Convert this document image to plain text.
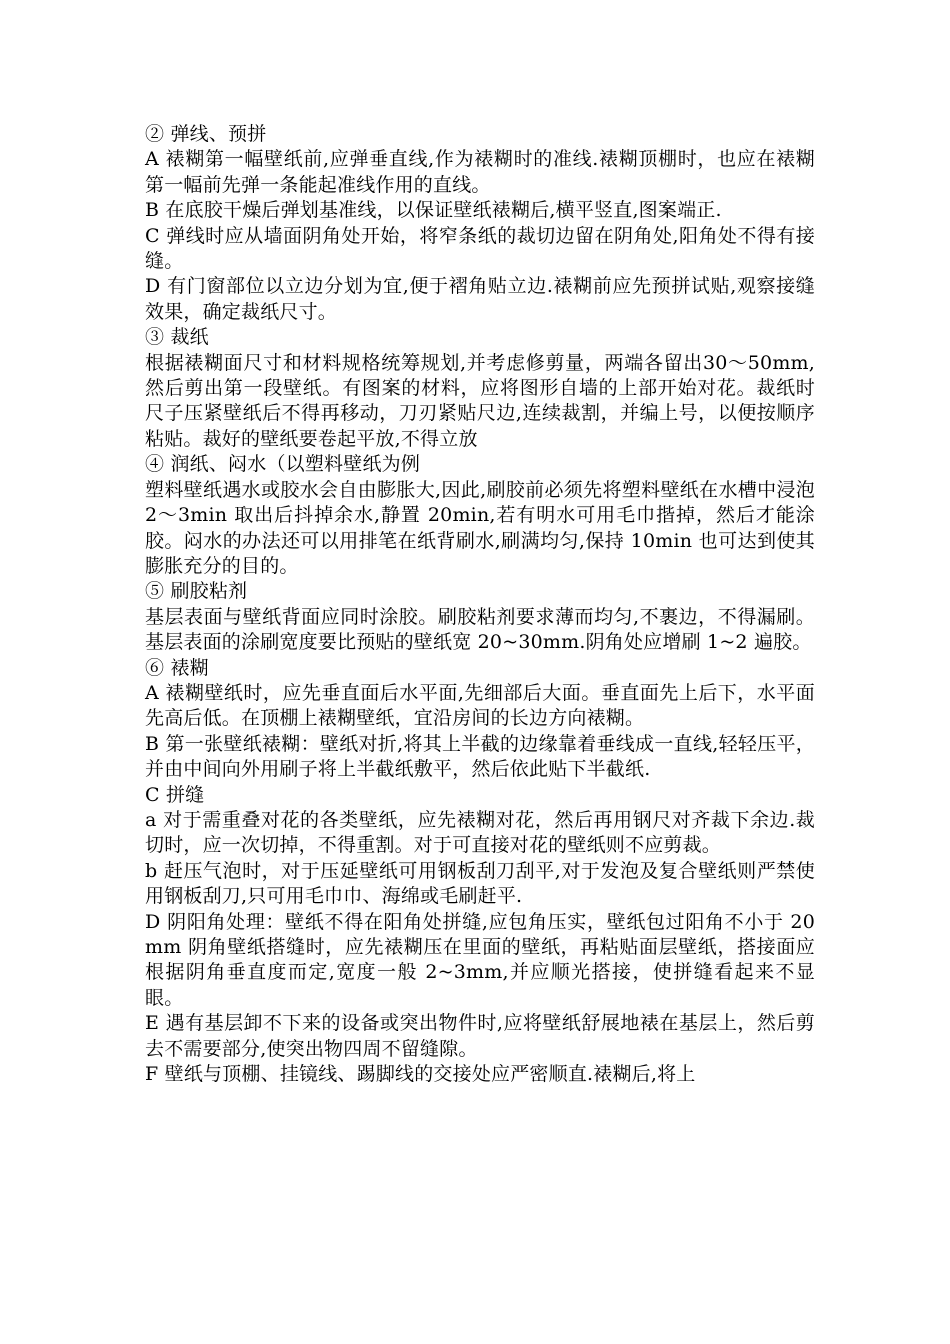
② 弹线、预拼

A 裱糊第一幅壁纸前,应弹垂直线,作为裱糊时的准线.裱糊顶棚时，也应在裱糊第一幅前先弹一条能起准线作用的直线。

B 在底胶干燥后弹划基准线，以保证壁纸裱糊后,横平竖直,图案端正.

C 弹线时应从墙面阴角处开始，将窄条纸的裁切边留在阴角处,阳角处不得有接缝。

D 有门窗部位以立边分划为宜,便于褶角贴立边.裱糊前应先预拼试贴,观察接缝效果，确定裁纸尺寸。

③ 裁纸

根据裱糊面尺寸和材料规格统筹规划,并考虑修剪量，两端各留出30～50mm,然后剪出第一段壁纸。有图案的材料，应将图形自墙的上部开始对花。裁纸时尺子压紧壁纸后不得再移动，刀刃紧贴尺边,连续裁割，并编上号，以便按顺序粘贴。裁好的壁纸要卷起平放,不得立放

④ 润纸、闷水（以塑料壁纸为例

塑料壁纸遇水或胶水会自由膨胀大,因此,刷胶前必须先将塑料壁纸在水槽中浸泡 2～3min 取出后抖掉余水,静置 20min,若有明水可用毛巾揩掉，然后才能涂胶。闷水的办法还可以用排笔在纸背刷水,刷满均匀,保持 10min 也可达到使其膨胀充分的目的。

⑤ 刷胶粘剂

基层表面与壁纸背面应同时涂胶。刷胶粘剂要求薄而均匀,不裹边，不得漏刷。基层表面的涂刷宽度要比预贴的壁纸宽 20~30mm.阴角处应增刷 1~2 遍胶。

⑥ 裱糊

A 裱糊壁纸时，应先垂直面后水平面,先细部后大面。垂直面先上后下，水平面先高后低。在顶棚上裱糊壁纸，宜沿房间的长边方向裱糊。

B 第一张壁纸裱糊：壁纸对折,将其上半截的边缘靠着垂线成一直线,轻轻压平，并由中间向外用刷子将上半截纸敷平，然后依此贴下半截纸.

C 拼缝

a 对于需重叠对花的各类壁纸，应先裱糊对花，然后再用钢尺对齐裁下余边.裁切时，应一次切掉，不得重割。对于可直接对花的壁纸则不应剪裁。

b 赶压气泡时，对于压延壁纸可用钢板刮刀刮平,对于发泡及复合壁纸则严禁使用钢板刮刀,只可用毛巾巾、海绵或毛刷赶平.

D 阴阳角处理：壁纸不得在阳角处拼缝,应包角压实，壁纸包过阳角不小于 20mm 阴角壁纸搭缝时，应先裱糊压在里面的壁纸，再粘贴面层壁纸，搭接面应根据阴角垂直度而定,宽度一般 2~3mm,并应顺光搭接，使拼缝看起来不显眼。

E 遇有基层卸不下来的设备或突出物件时,应将壁纸舒展地裱在基层上，然后剪去不需要部分,使突出物四周不留缝隙。

F 壁纸与顶棚、挂镜线、踢脚线的交接处应严密顺直.裱糊后,将上
